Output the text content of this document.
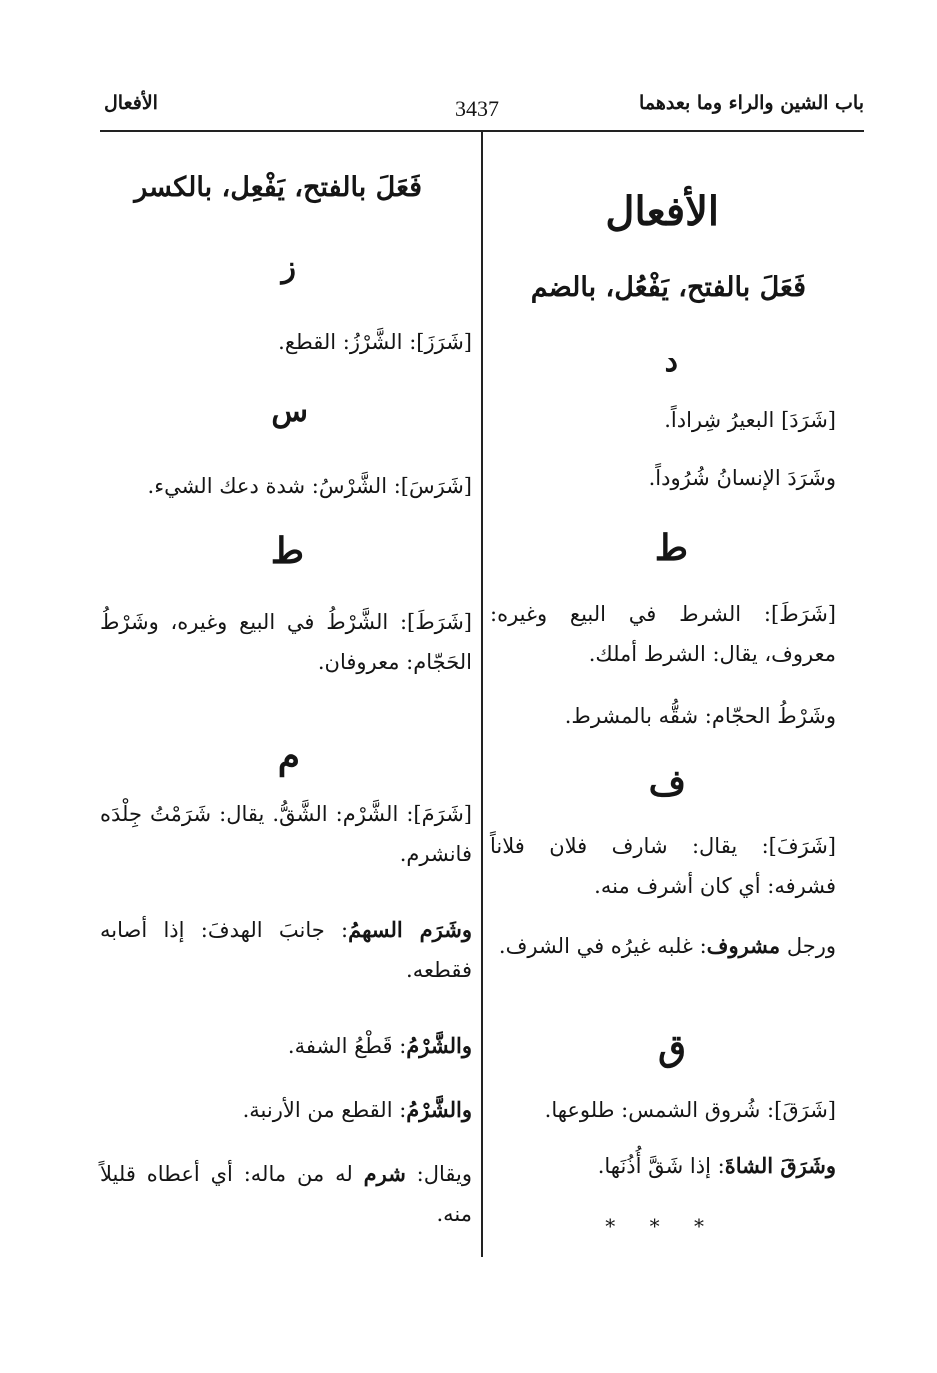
باب الشين والراء وما بعدهما
3437
الأفعال
الأفعال
فَعَلَ بالفتح، يَفْعُل، بالضم
د
[شَرَدَ] البعيرُ شِراداً.
وشَرَدَ الإنسانُ شُرُوداً.
ط
[شَرَطَ]: الشرط في البيع وغيره: معروف، يقال: الشرط أملك.
وشَرْطُ الحجّام: شقُّه بالمشرط.
ف
[شَرَفَ]: يقال: شارف فلان فلاناً فشرفه: أي كان أشرف منه.
ورجل مشروف: غلبه غيرُه في الشرف.
ق
[شَرَقَ]: شُروق الشمس: طلوعها.
وشَرَقَ الشاةَ: إذا شَقَّ أُذُنَها.
* * *
فَعَلَ بالفتح، يَفْعِل، بالكسر
ز
[شَرَزَ]: الشَّرْزُ: القطع.
س
[شَرَسَ]: الشَّرْسُ: شدة دعك الشيء.
ط
[شَرَطَ]: الشَّرْطُ في البيع وغيره، وشَرْطُ الحَجّام: معروفان.
م
[شَرَمَ]: الشَّرْم: الشَّقُّ. يقال: شَرَمْتُ جِلْدَه فانشرم.
وشَرَم السهمُ: جانبَ الهدفَ: إذا أصابه فقطعه.
والشَّرْمُ: قَطْعُ الشفة.
والشَّرْمُ: القطع من الأرنبة.
ويقال: شرم له من ماله: أي أعطاه قليلاً منه.
